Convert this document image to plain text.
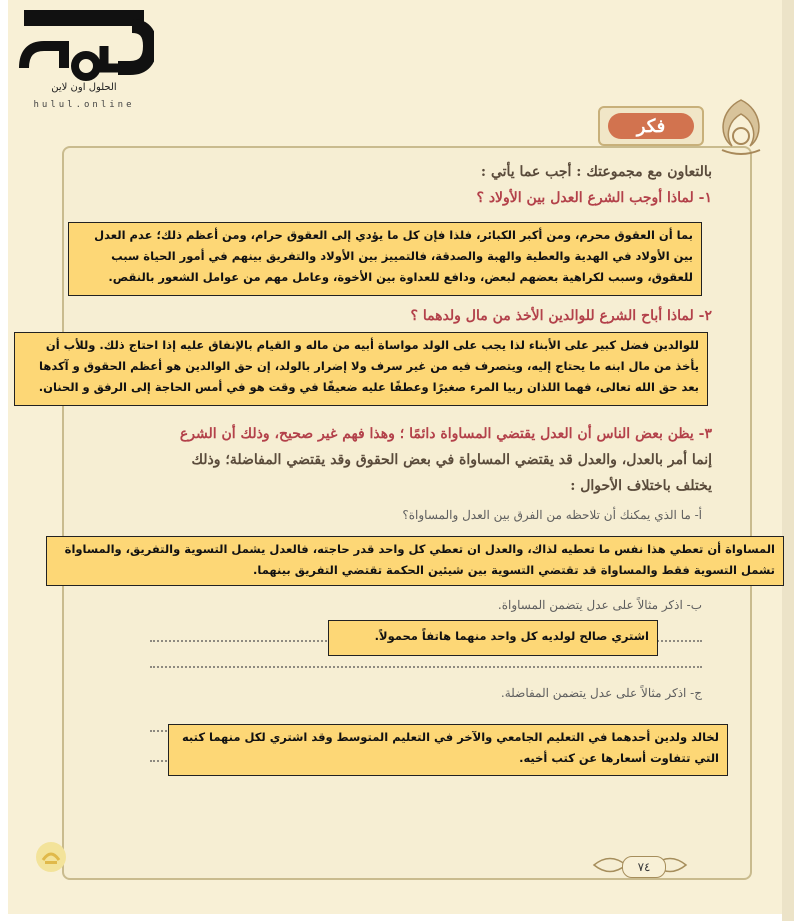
الحلول اون لاين
hulul.online
فكر
بالتعاون مع مجموعتك : أجب عما يأتي :
١- لماذا أوجب الشرع العدل بين الأولاد ؟
بما أن العقوق محرم، ومن أكبر الكبائر، فلذا فإن كل ما يؤدي إلى العقوق حرام، ومن أعظم ذلك؛ عدم العدل بين الأولاد في الهدية والعطية والهبة والصدقة، فالتمييز بين الأولاد والتفريق بينهم في أمور الحياة سبب للعقوق، وسبب لكراهية بعضهم لبعض، ودافع للعداوة بين الأخوة، وعامل مهم من عوامل الشعور بالنقص.
٢- لماذا أباح الشرع للوالدين الأخذ من مال ولدهما ؟
للوالدين فضل كبير على الأبناء لذا يجب على الولد مواساة أبيه من ماله و القيام بالإنفاق عليه إذا احتاج ذلك. وللأب أن يأخذ من مال ابنه ما يحتاج إليه، ويتصرف فيه من غير سرف ولا إضرار بالولد، إن حق الوالدين هو أعظم الحقوق و آكدها بعد حق الله تعالى، فهما اللذان ربيا المرء صغيرًا وعطفًا عليه ضعيفًا في وقت هو في أمس الحاجة إلى الرفق و الحنان.
٣- يظن بعض الناس أن العدل يقتضي المساواة دائمًا ؛ وهذا فهم غير صحيح، وذلك أن الشرع
إنما أمر بالعدل، والعدل قد يقتضي المساواة في بعض الحقوق وقد يقتضي المفاضلة؛ وذلك
يختلف باختلاف الأحوال :
أ- ما الذي يمكنك أن تلاحظه من الفرق بين العدل والمساواة؟
المساواة أن تعطي هذا نفس ما تعطيه لذاك، والعدل ان تعطي كل واحد قدر حاجته، فالعدل يشمل التسوية والتفريق، والمساواة تشمل التسوية فقط والمساواة قد تقتضي التسوية بين شيئين الحكمة تقتضي التفريق بينهما.
ب- اذكر مثالاً على عدل يتضمن المساواة.
اشتري صالح لولديه كل واحد منهما هاتفاً محمولاً.
ج- اذكر مثالاً على عدل يتضمن المفاضلة.
لخالد ولدين أحدهما في التعليم الجامعي والآخر في التعليم المتوسط وقد اشتري لكل منهما كتبه التي تتفاوت أسعارها عن كتب أخيه.
٧٤
